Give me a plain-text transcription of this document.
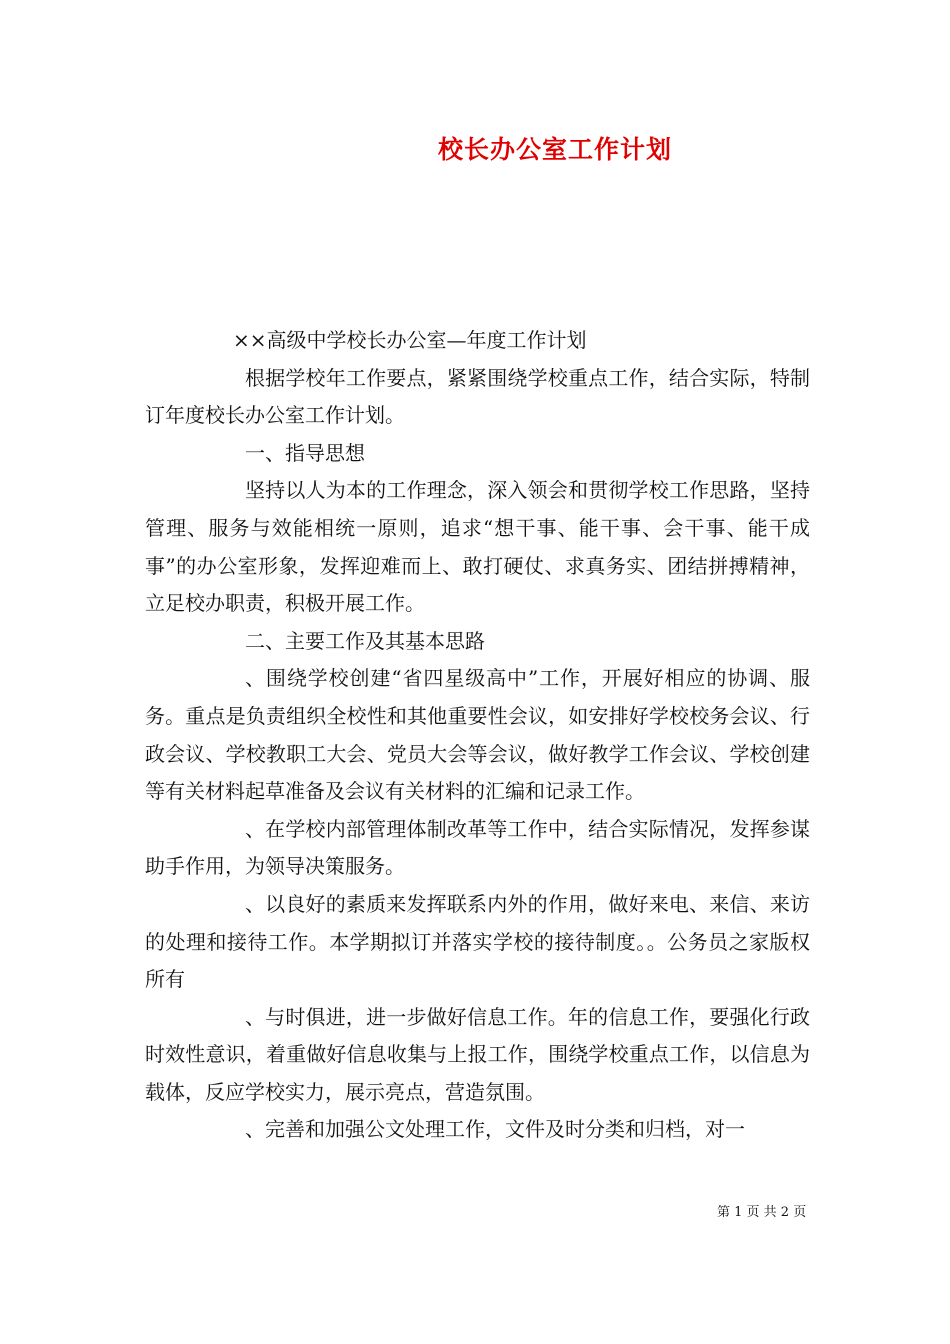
校长办公室工作计划

××高级中学校长办公室—年度工作计划

根据学校年工作要点，紧紧围绕学校重点工作，结合实际，特制订年度校长办公室工作计划。

一、指导思想

坚持以人为本的工作理念，深入领会和贯彻学校工作思路，坚持管理、服务与效能相统一原则，追求“想干事、能干事、会干事、能干成事”的办公室形象，发挥迎难而上、敢打硬仗、求真务实、团结拼搏精神，立足校办职责，积极开展工作。

二、主要工作及其基本思路

、围绕学校创建“省四星级高中”工作，开展好相应的协调、服务。重点是负责组织全校性和其他重要性会议，如安排好学校校务会议、行政会议、学校教职工大会、党员大会等会议，做好教学工作会议、学校创建等有关材料起草准备及会议有关材料的汇编和记录工作。

、在学校内部管理体制改革等工作中，结合实际情况，发挥参谋助手作用，为领导决策服务。

、以良好的素质来发挥联系内外的作用，做好来电、来信、来访的处理和接待工作。本学期拟订并落实学校的接待制度。。公务员之家版权所有

、与时俱进，进一步做好信息工作。年的信息工作，要强化行政时效性意识，着重做好信息收集与上报工作，围绕学校重点工作，以信息为载体，反应学校实力，展示亮点，营造氛围。

、完善和加强公文处理工作，文件及时分类和归档，对一

第 1 页 共 2 页
